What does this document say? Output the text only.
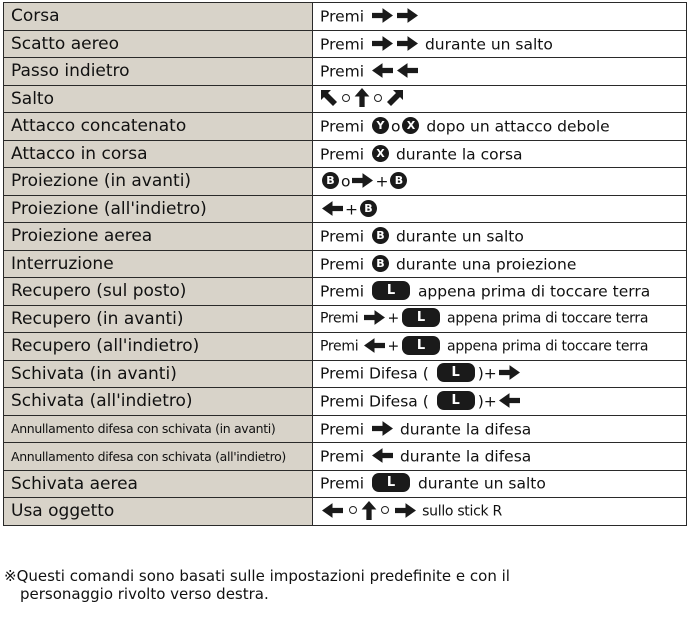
Corsa	Premi
Scatto aereo	Premi durante un salto
Passo indietro	Premi
Salto	
Attacco concatenato	Premi Y o X dopo un attacco debole
Attacco in corsa	Premi X durante la corsa
Proiezione (in avanti)	B o + B
Proiezione (all'indietro)	+ B
Proiezione aerea	Premi B durante un salto
Interruzione	Premi B durante una proiezione
Recupero (sul posto)	Premi L appena prima di toccare terra
Recupero (in avanti)	Premi + L appena prima di toccare terra
Recupero (all'indietro)	Premi + L appena prima di toccare terra
Schivata (in avanti)	Premi Difesa ( L )+
Schivata (all'indietro)	Premi Difesa ( L )+
Annullamento difesa con schivata (in avanti)	Premi durante la difesa
Annullamento difesa con schivata (all'indietro)	Premi durante la difesa
Schivata aerea	Premi L durante un salto
Usa oggetto	sullo stick R
※Questi comandi sono basati sulle impostazioni predefinite e con il
personaggio rivolto verso destra.
